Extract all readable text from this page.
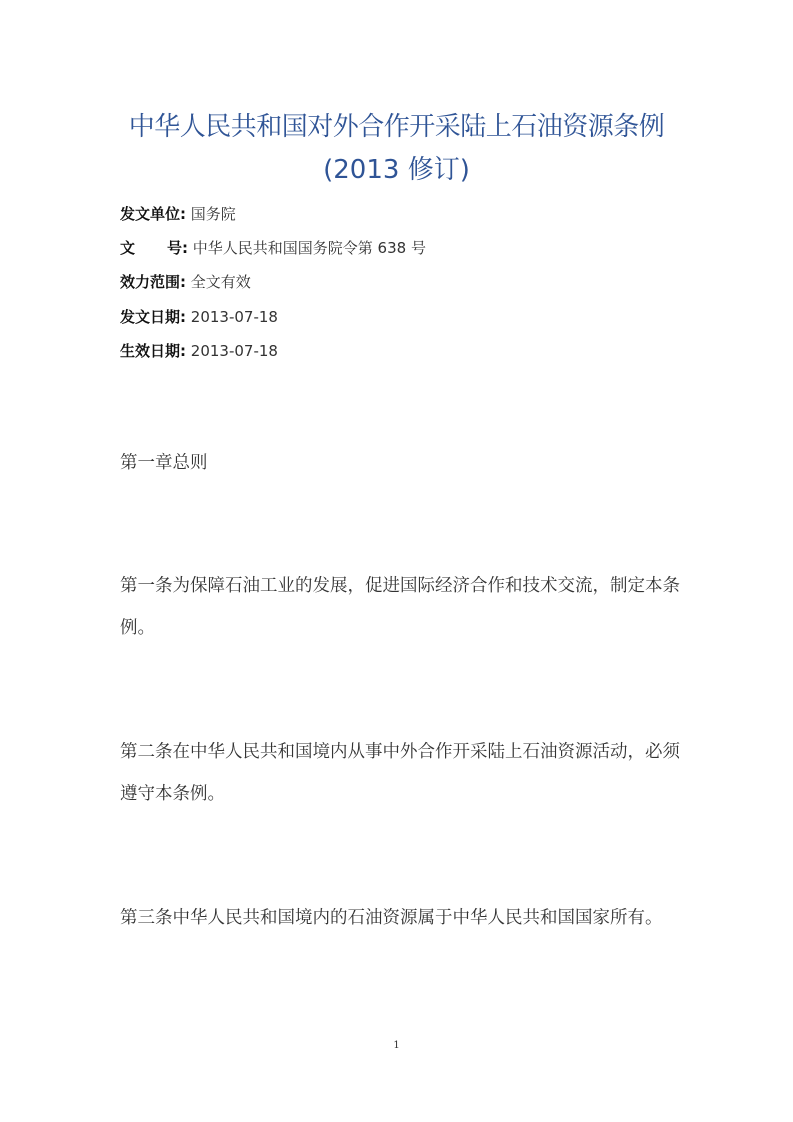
中华人民共和国对外合作开采陆上石油资源条例
(2013 修订)
发文单位: 国务院
文 号: 中华人民共和国国务院令第 638 号
效力范围: 全文有效
发文日期: 2013-07-18
生效日期: 2013-07-18
第一章总则
第一条为保障石油工业的发展，促进国际经济合作和技术交流，制定本条例。
第二条在中华人民共和国境内从事中外合作开采陆上石油资源活动，必须遵守本条例。
第三条中华人民共和国境内的石油资源属于中华人民共和国国家所有。
1
